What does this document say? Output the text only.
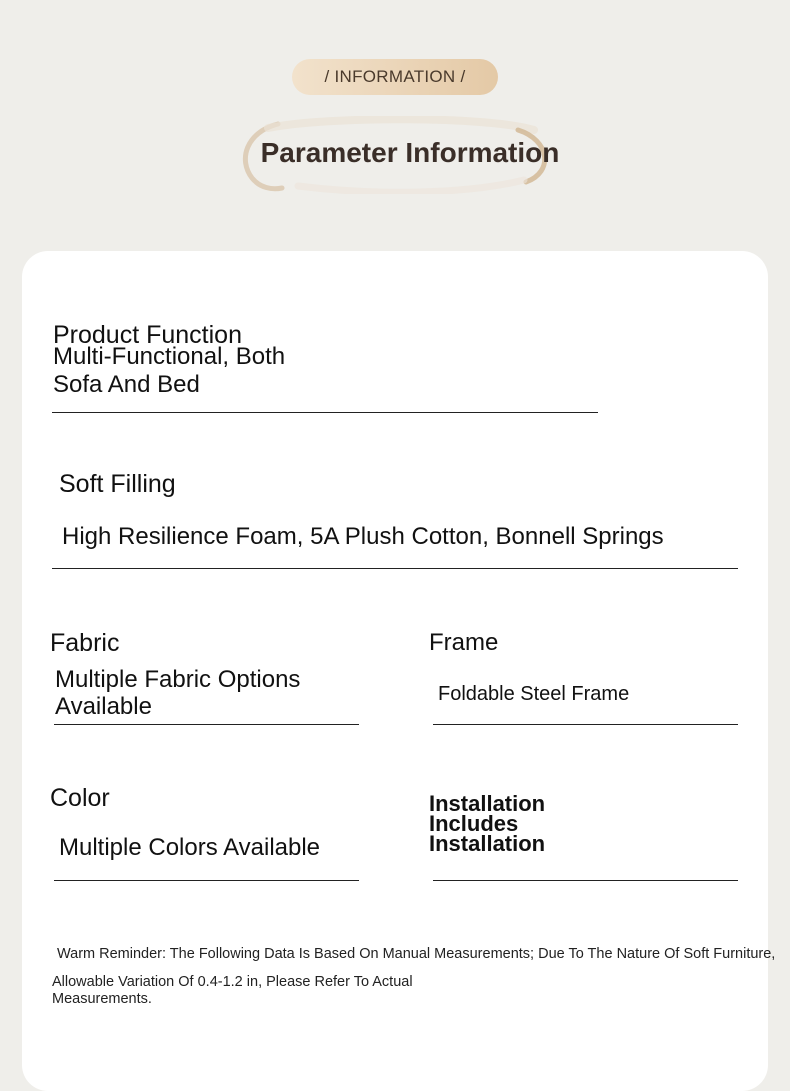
/ INFORMATION /
Parameter Information
Product Function
Multi-Functional, Both
Sofa And Bed
Soft Filling
High Resilience Foam, 5A Plush Cotton, Bonnell Springs
Fabric
Multiple Fabric Options
Available
Frame
Foldable Steel Frame
Color
Multiple Colors Available
Installation
Includes
Installation
Warm Reminder: The Following Data Is Based On Manual Measurements; Due To The Nature Of Soft Furniture,
Allowable Variation Of 0.4-1.2 in, Please Refer To Actual
Measurements.
